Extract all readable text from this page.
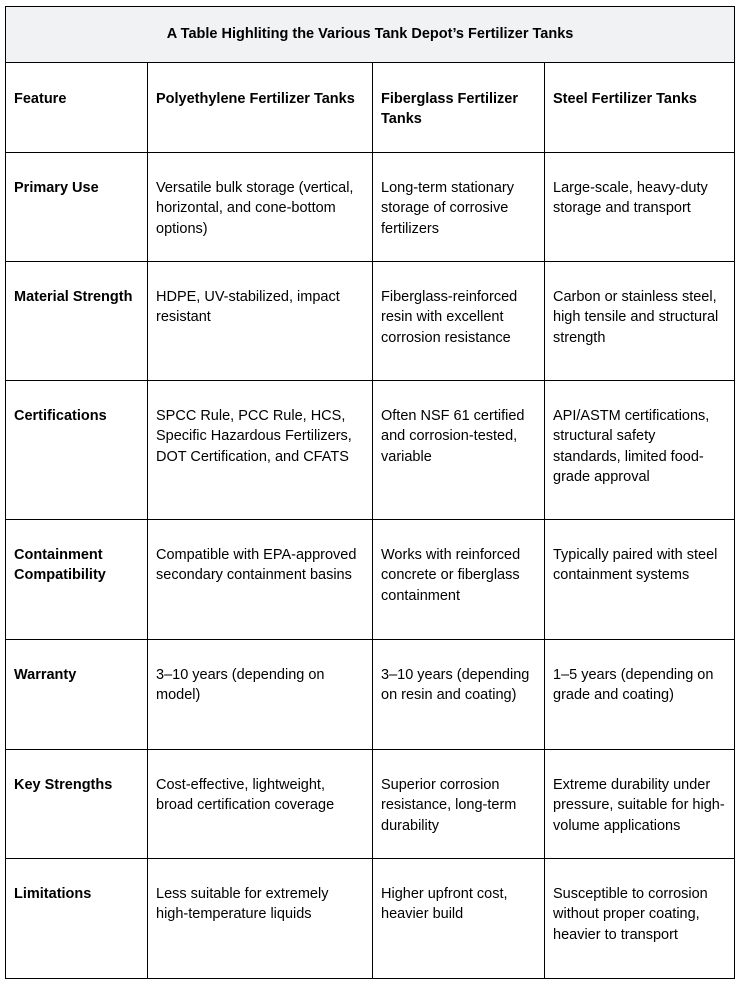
A Table Highliting the Various Tank Depot’s Fertilizer Tanks			
Feature	Polyethylene Fertilizer Tanks	Fiberglass Fertilizer Tanks	Steel Fertilizer Tanks
Primary Use	Versatile bulk storage (vertical, horizontal, and cone-bottom options)	Long-term stationary storage of corrosive fertilizers	Large-scale, heavy-duty storage and transport
Material Strength	HDPE, UV-stabilized, impact resistant	Fiberglass-reinforced resin with excellent corrosion resistance	Carbon or stainless steel, high tensile and structural strength
Certifications	SPCC Rule, PCC Rule, HCS, Specific Hazardous Fertilizers, DOT Certification, and CFATS	Often NSF 61 certified and corrosion-tested, variable	API/ASTM certifications, structural safety standards, limited food-grade approval
Containment Compatibility	Compatible with EPA-approved secondary containment basins	Works with reinforced concrete or fiberglass containment	Typically paired with steel containment systems
Warranty	3–10 years (depending on model)	3–10 years (depending on resin and coating)	1–5 years (depending on grade and coating)
Key Strengths	Cost-effective, lightweight, broad certification coverage	Superior corrosion resistance, long-term durability	Extreme durability under pressure, suitable for high-volume applications
Limitations	Less suitable for extremely high-temperature liquids	Higher upfront cost, heavier build	Susceptible to corrosion without proper coating, heavier to transport
